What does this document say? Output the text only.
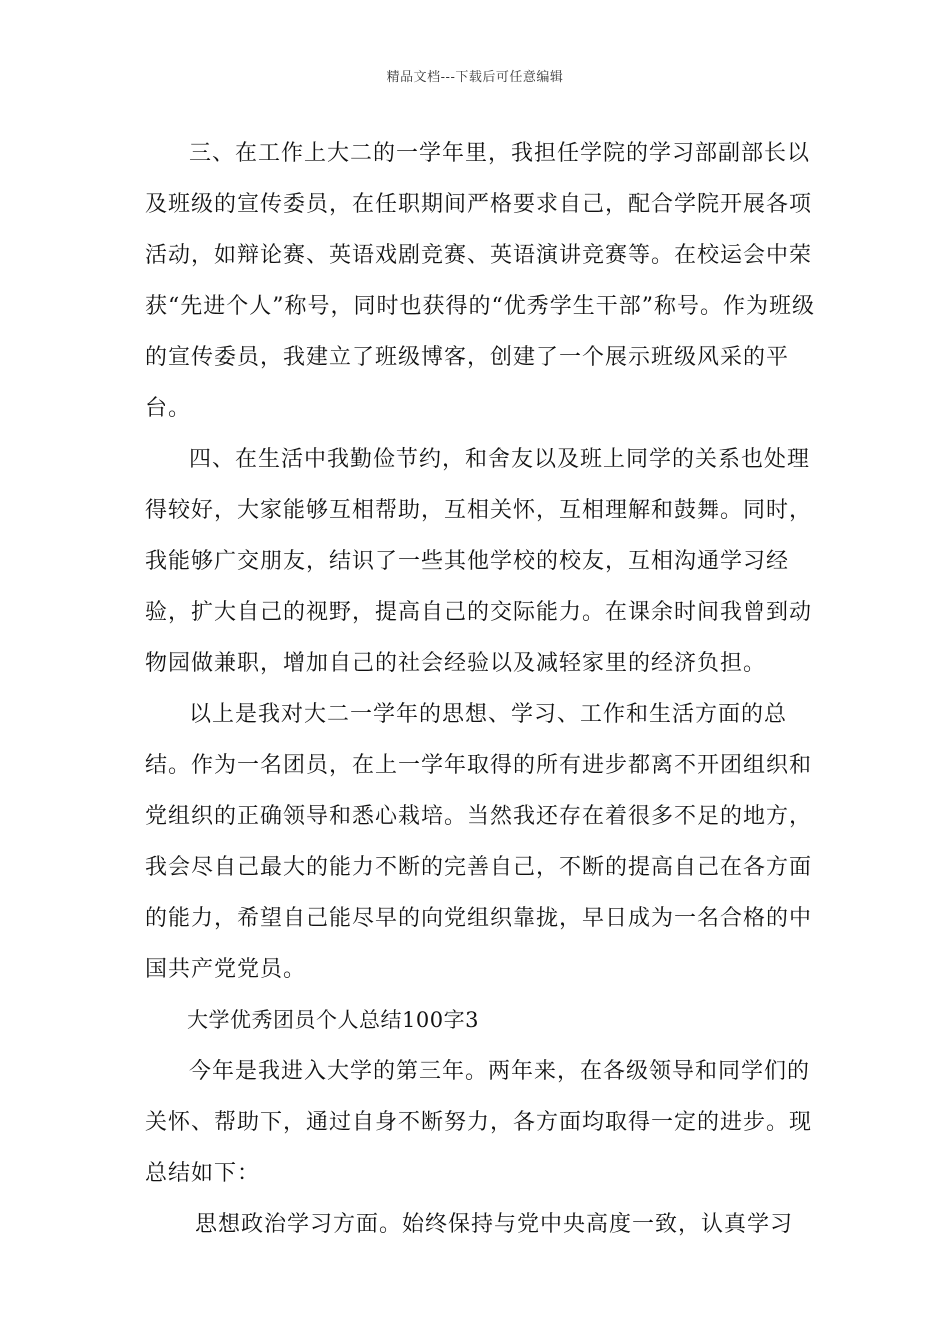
精品文档---下载后可任意编辑

三、在工作上大二的一学年里，我担任学院的学习部副部长以及班级的宣传委员，在任职期间严格要求自己，配合学院开展各项活动，如辩论赛、英语戏剧竞赛、英语演讲竞赛等。在校运会中荣获“先进个人”称号，同时也获得的“优秀学生干部”称号。作为班级的宣传委员，我建立了班级博客，创建了一个展示班级风采的平台。

四、在生活中我勤俭节约，和舍友以及班上同学的关系也处理得较好，大家能够互相帮助，互相关怀，互相理解和鼓舞。同时，我能够广交朋友，结识了一些其他学校的校友，互相沟通学习经验，扩大自己的视野，提高自己的交际能力。在课余时间我曾到动物园做兼职，增加自己的社会经验以及减轻家里的经济负担。

以上是我对大二一学年的思想、学习、工作和生活方面的总结。作为一名团员，在上一学年取得的所有进步都离不开团组织和党组织的正确领导和悉心栽培。当然我还存在着很多不足的地方，我会尽自己最大的能力不断的完善自己，不断的提高自己在各方面的能力，希望自己能尽早的向党组织靠拢，早日成为一名合格的中国共产党党员。

大学优秀团员个人总结100字3

今年是我进入大学的第三年。两年来，在各级领导和同学们的关怀、帮助下，通过自身不断努力，各方面均取得一定的进步。现总结如下：

思想政治学习方面。始终保持与党中央高度一致，认真学习
